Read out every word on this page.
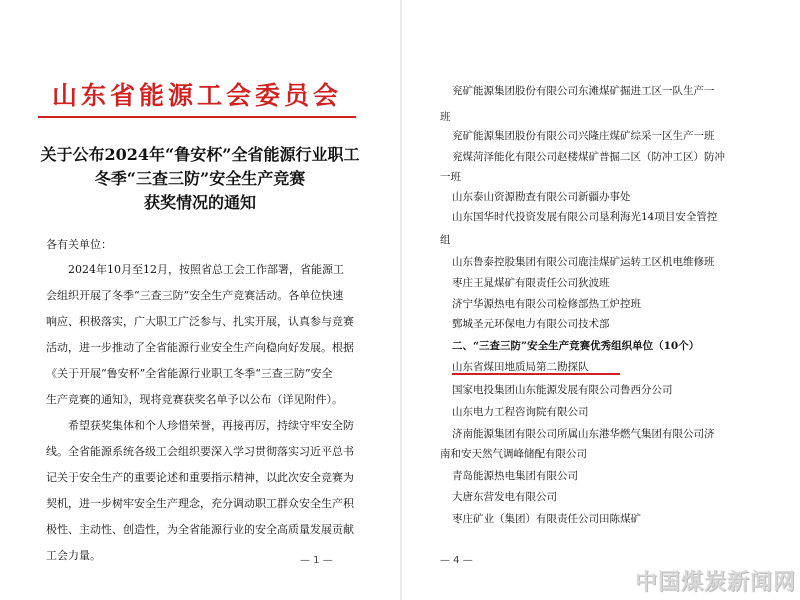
山东省能源工会委员会
关于公布2024年“鲁安杯”全省能源行业职工
冬季“三查三防”安全生产竞赛
获奖情况的通知
各有关单位：
2024年10月至12月，按照省总工会工作部署，省能源工
会组织开展了冬季“三查三防”安全生产竞赛活动。各单位快速
响应、积极落实，广大职工广泛参与、扎实开展，认真参与竞赛
活动，进一步推动了全省能源行业安全生产向稳向好发展。根据
《关于开展“鲁安杯”全省能源行业职工冬季“三查三防”安全
生产竞赛的通知》，现将竞赛获奖名单予以公布（详见附件）。
希望获奖集体和个人珍惜荣誉，再接再厉，持续守牢安全防
线。全省能源系统各级工会组织要深入学习贯彻落实习近平总书
记关于安全生产的重要论述和重要指示精神，以此次安全竞赛为
契机，进一步树牢安全生产理念，充分调动职工群众安全生产积
极性、主动性、创造性，为全省能源行业的安全高质量发展贡献
工会力量。	— 1 —
兖矿能源集团股份有限公司东滩煤矿掘进工区一队生产一
班
兖矿能源集团股份有限公司兴隆庄煤矿综采一区生产一班
兖煤菏泽能化有限公司赵楼煤矿普掘二区（防冲工区）防冲
一班
山东泰山资源勘查有限公司新疆办事处
山东国华时代投资发展有限公司垦利海光14项目安全管控
组
山东鲁泰控股集团有限公司鹿洼煤矿运转工区机电维修班
枣庄王晁煤矿有限责任公司狄波班
济宁华源热电有限公司检修部热工炉控班
鄄城圣元环保电力有限公司技术部
二、“三查三防”安全生产竞赛优秀组织单位（10个）
山东省煤田地质局第二勘探队
国家电投集团山东能源发展有限公司鲁西分公司
山东电力工程咨询院有限公司
济南能源集团有限公司所属山东港华燃气集团有限公司济
南和安天然气调峰储配有限公司
青岛能源热电集团有限公司
大唐东营发电有限公司
枣庄矿业（集团）有限责任公司田陈煤矿
— 4 —
中国煤炭新闻网
